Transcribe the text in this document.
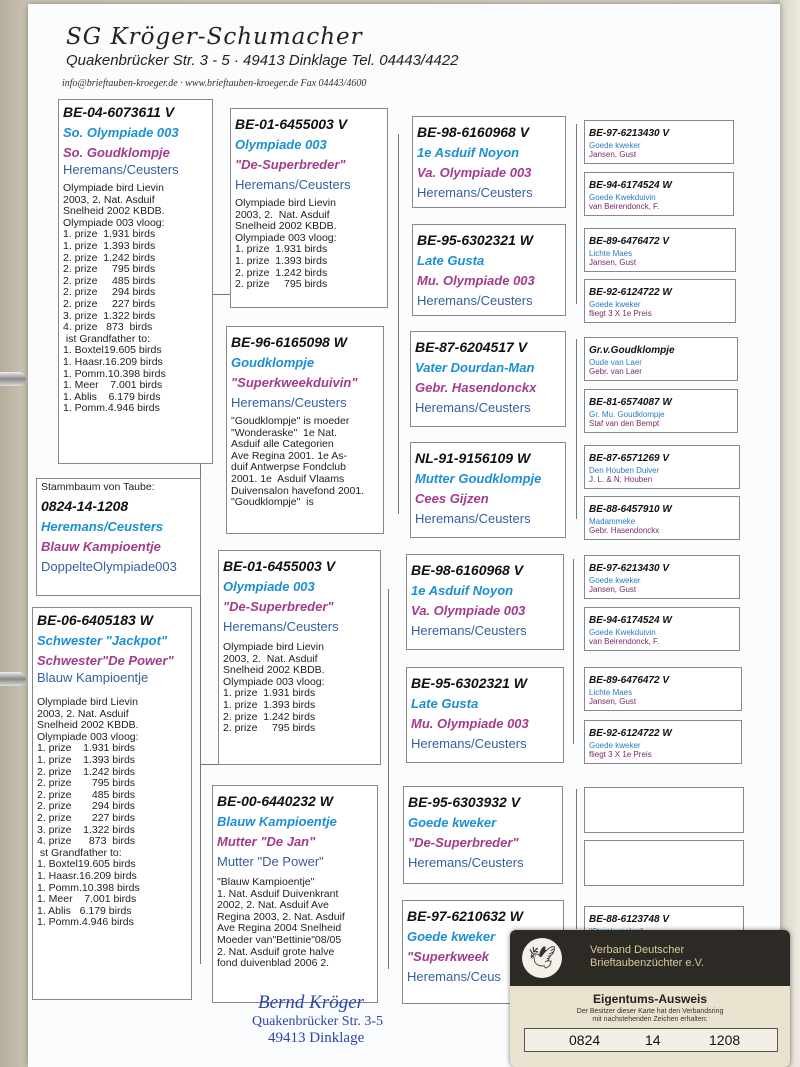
SG Kröger-Schumacher
Quakenbrücker Str. 3 - 5 · 49413 Dinklage Tel. 04443/4422
info@brieftauben-kroeger.de · www.brieftauben-kroeger.de Fax 04443/4600
BE-04-6073611 V
So. Olympiade 003
So. Goudklompje
Heremans/Ceusters
Olympiade bird Lievin
2003, 2. Nat. Asduif
Snelheid 2002 KBDB.
Olympiade 003 vloog:
1. prize  1.931 birds
1. prize  1.393 birds
2. prize  1.242 birds
2. prize     795 birds
2. prize     485 birds
2. prize     294 birds
2. prize     227 birds
3. prize  1.322 birds
4. prize   873  birds
ist Grandfather to:
1. Boxtel19.605 birds
1. Haasr.16.209 birds
1. Pomm.10.398 birds
1. Meer    7.001 birds
1. Ablis    6.179 birds
1. Pomm.4.946 birds
Stammbaum von Taube:
0824-14-1208
Heremans/Ceusters
Blauw Kampioentje
DoppelteOlympiade003
BE-06-6405183 W
Schwester "Jackpot"
Schwester"De Power"
Blauw Kampioentje
Olympiade bird Lievin
2003, 2. Nat. Asduif
Snelheid 2002 KBDB.
Olympiade 003 vloog:
1. prize    1.931 birds
1. prize    1.393 birds
2. prize    1.242 birds
2. prize       795 birds
2. prize       485 birds
2. prize       294 birds
2. prize       227 birds
3. prize    1.322 birds
4. prize      873  birds
st Grandfather to:
1. Boxtel19.605 birds
1. Haasr.16.209 birds
1. Pomm.10.398 birds
1. Meer    7.001 birds
1. Ablis   6.179 birds
1. Pomm.4.946 birds
BE-01-6455003 V
Olympiade 003
"De-Superbreder"
Heremans/Ceusters
Olympiade bird Lievin
2003, 2.  Nat. Asduif
Snelheid 2002 KBDB.
Olympiade 003 vloog:
1. prize  1.931 birds
1. prize  1.393 birds
2. prize  1.242 birds
2. prize     795 birds
BE-96-6165098 W
Goudklompje
"Superkweekduivin"
Heremans/Ceusters
"Goudklompje" is moeder
"Wonderaske"  1e Nat.
Asduif alle Categorien
Ave Regina 2001. 1e As-
duif Antwerpse Fondclub
2001. 1e  Asduif Vlaams
Duivensalon havefond 2001.
"Goudklompje"  is
BE-01-6455003 V
Olympiade 003
"De-Superbreder"
Heremans/Ceusters
Olympiade bird Lievin
2003, 2.  Nat. Asduif
Snelheid 2002 KBDB.
Olympiade 003 vloog:
1. prize  1.931 birds
1. prize  1.393 birds
2. prize  1.242 birds
2. prize     795 birds
BE-00-6440232 W
Blauw Kampioentje
Mutter "De Jan"
Mutter "De Power"
"Blauw Kampioentje"
1. Nat. Asduif Duivenkrant
2002, 2. Nat. Asduif Ave
Regina 2003, 2. Nat. Asduif
Ave Regina 2004 Snelheid
Moeder van"Bettinie"08/05
2. Nat. Asduif grote halve
fond duivenblad 2006 2.
BE-98-6160968 V
1e Asduif Noyon
Va. Olympiade 003
Heremans/Ceusters
BE-95-6302321 W
Late Gusta
Mu. Olympiade 003
Heremans/Ceusters
BE-87-6204517 V
Vater Dourdan-Man
Gebr. Hasendonckx
Heremans/Ceusters
NL-91-9156109 W
Mutter Goudklompje
Cees Gijzen
Heremans/Ceusters
BE-98-6160968 V
1e Asduif Noyon
Va. Olympiade 003
Heremans/Ceusters
BE-95-6302321 W
Late Gusta
Mu. Olympiade 003
Heremans/Ceusters
BE-95-6303932 V
Goede kweker
"De-Superbreder"
Heremans/Ceusters
BE-97-6210632 W
Goede kweker
"Superkweek
Heremans/Ceus
BE-97-6213430 V
Goede kweker
Jansen, Gust
BE-94-6174524 W
Goede Kwekduivin
van Beirendonck, F.
BE-89-6476472 V
Lichte Maes
Jansen, Gust
BE-92-6124722 W
Goede kweker
fliegt 3 X 1e Preis
Gr.v.Goudklompje
Oude van Laer
Gebr. van Laer
BE-81-6574087 W
Gr. Mu. Goudklompje
Staf van den Bempt
BE-87-6571269 V
Den Houben Duiver
J. L. & N. Houben
BE-88-6457910 W
Madammeke
Gebr. Hasendonckx
BE-97-6213430 V
Goede kweker
Jansen, Gust
BE-94-6174524 W
Goede Kwekduivin
van Beirendonck, F.
BE-89-6476472 V
Lichte Maes
Jansen, Gust
BE-92-6124722 W
Goede kweker
fliegt 3 X 1e Preis
BE-88-6123748 V
Bernd Kröger
Quakenbrücker Str. 3-5
49413 Dinklage
🕊	Verband Deutscher
Brieftaubenzüchter e.V.
Eigentums-Ausweis
Der Besitzer dieser Karte hat den Verbandsring
mit nachstehenden Zeichen erhalten:
0824	14	1208
